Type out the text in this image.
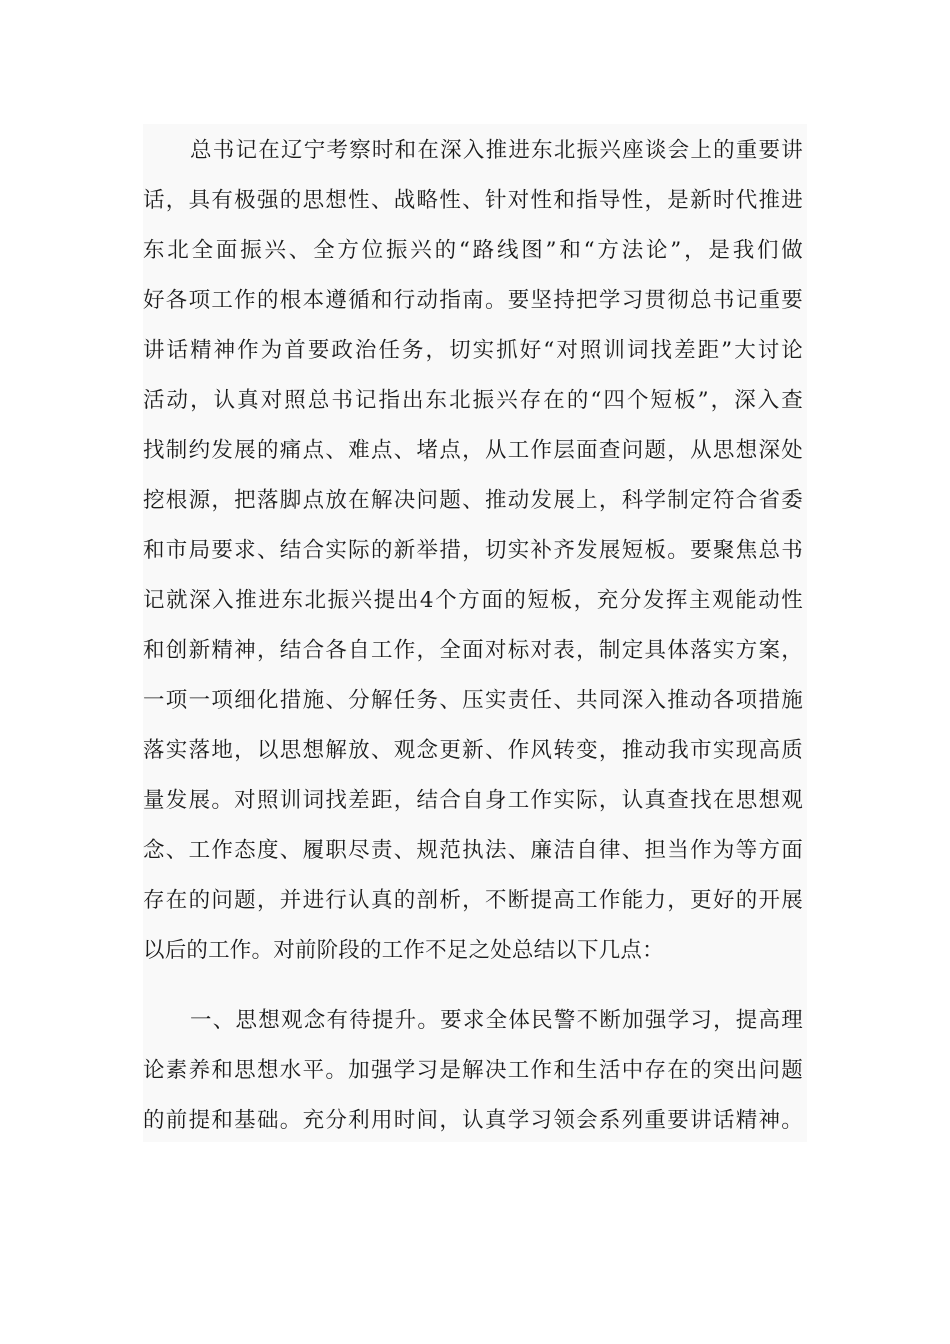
总书记在辽宁考察时和在深入推进东北振兴座谈会上的重要讲
话，具有极强的思想性、战略性、针对性和指导性，是新时代推进
东北全面振兴、全方位振兴的“路线图”和“方法论”，是我们做
好各项工作的根本遵循和行动指南。要坚持把学习贯彻总书记重要
讲话精神作为首要政治任务，切实抓好“对照训词找差距”大讨论
活动，认真对照总书记指出东北振兴存在的“四个短板”，深入查
找制约发展的痛点、难点、堵点，从工作层面查问题，从思想深处
挖根源，把落脚点放在解决问题、推动发展上，科学制定符合省委
和市局要求、结合实际的新举措，切实补齐发展短板。要聚焦总书
记就深入推进东北振兴提出4个方面的短板，充分发挥主观能动性
和创新精神，结合各自工作，全面对标对表，制定具体落实方案，
一项一项细化措施、分解任务、压实责任、共同深入推动各项措施
落实落地，以思想解放、观念更新、作风转变，推动我市实现高质
量发展。对照训词找差距，结合自身工作实际，认真查找在思想观
念、工作态度、履职尽责、规范执法、廉洁自律、担当作为等方面
存在的问题，并进行认真的剖析，不断提高工作能力，更好的开展
以后的工作。对前阶段的工作不足之处总结以下几点：
一、思想观念有待提升。要求全体民警不断加强学习，提高理
论素养和思想水平。加强学习是解决工作和生活中存在的突出问题
的前提和基础。充分利用时间，认真学习领会系列重要讲话精神。
